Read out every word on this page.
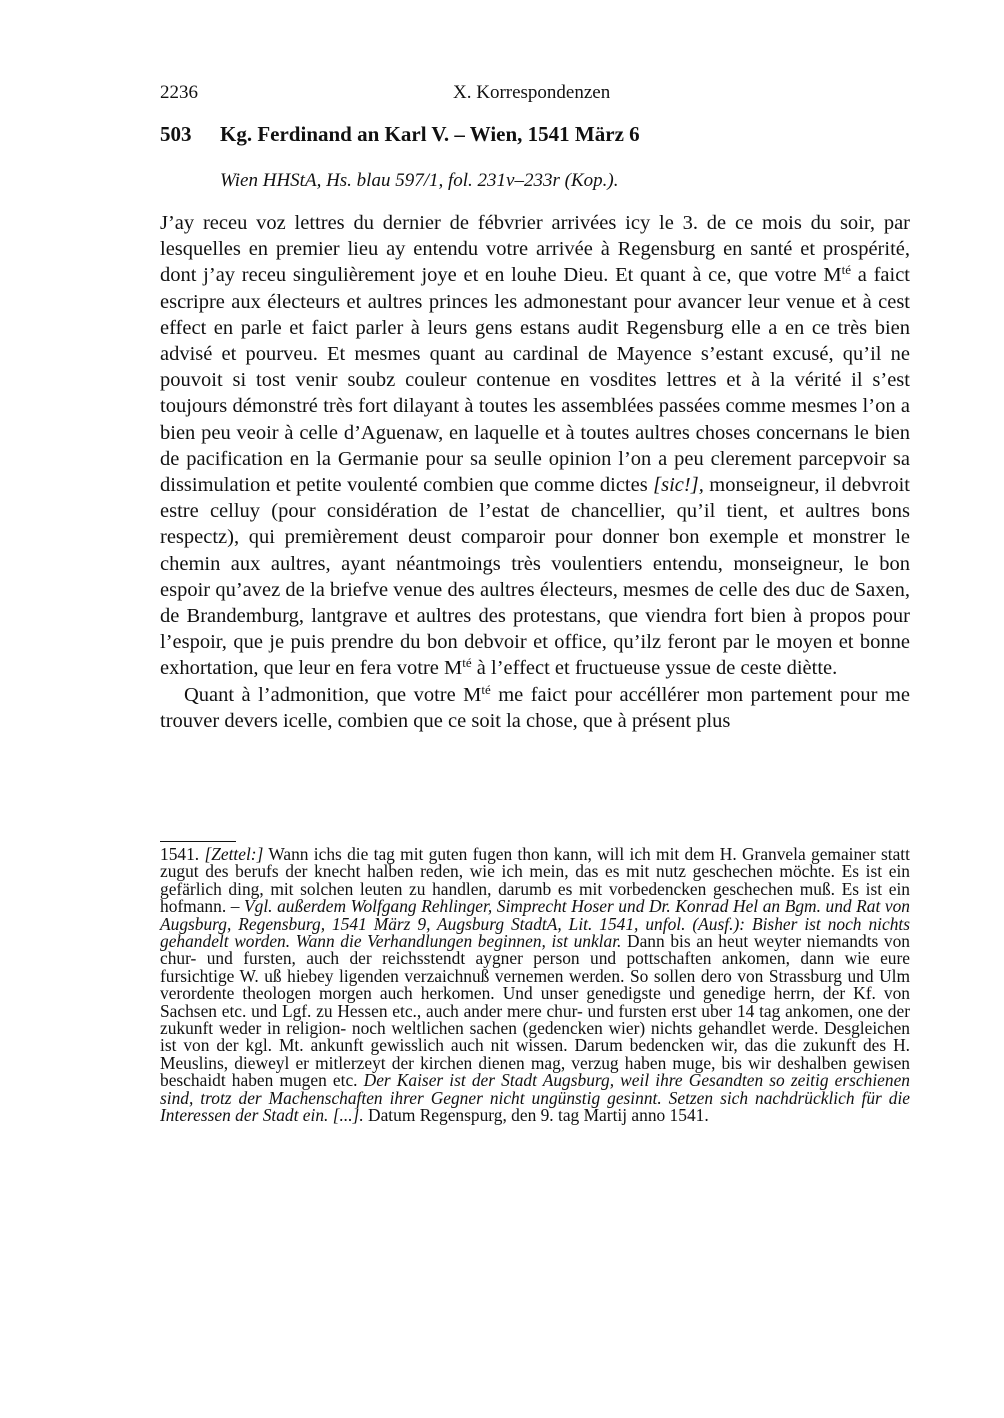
2236	X. Korrespondenzen
503 Kg. Ferdinand an Karl V. – Wien, 1541 März 6
Wien HHStA, Hs. blau 597/1, fol. 231v–233r (Kop.).

J’ay receu voz lettres du dernier de fébvrier arrivées icy le 3. de ce mois du soir, par lesquelles en premier lieu ay entendu votre arrivée à Regensburg en santé et prospérité, dont j’ay receu singulièrement joye et en louhe Dieu. Et quant à ce, que votre $M^{té}$ a faict escripre aux électeurs et aultres princes les admonestant pour avancer leur venue et à cest effect en parle et faict parler à leurs gens estans audit Regensburg elle a en ce très bien advisé et pourveu. Et mesmes quant au cardinal de Mayence s’estant excusé, qu’il ne pouvoit si tost venir soubz couleur contenue en vosdites lettres et à la vérité il s’est toujours démonstré très fort dilayant à toutes les assemblées passées comme mesmes l’on a bien peu veoir à celle d’Aguenaw, en laquelle et à toutes aultres choses concernans le bien de pacification en la Germanie pour sa seulle opinion l’on a peu clerement parcepvoir sa dissimulation et petite voulenté combien que comme dictes [sic!], monseigneur, il debvroit estre celluy (pour considération de l’estat de chancellier, qu’il tient, et aultres bons respectz), qui premièrement deust comparoir pour donner bon exemple et monstrer le chemin aux aultres, ayant néantmoings très voulentiers entendu, monseigneur, le bon espoir qu’avez de la briefve venue des aultres électeurs, mesmes de celle des duc de Saxen, de Brandemburg, lantgrave et aultres des protestans, que viendra fort bien à propos pour l’espoir, que je puis prendre du bon debvoir et office, qu’ilz feront par le moyen et bonne exhortation, que leur en fera votre $M^{té}$ à l’effect et fructueuse yssue de ceste diètte.

Quant à l’admonition, que votre $M^{té}$ me faict pour accéllérer mon partement pour me trouver devers icelle, combien que ce soit la chose, que à présent plus

1541. [Zettel:] Wann ichs die tag mit guten fugen thon kann, will ich mit dem H. Granvela gemainer statt zugut des berufs der knecht halben reden, wie ich mein, das es mit nutz geschechen möchte. Es ist ein gefärlich ding, mit solchen leuten zu handlen, darumb es mit vorbedencken geschechen muß. Es ist ein hofmann. – Vgl. außerdem Wolfgang Rehlinger, Simprecht Hoser und Dr. Konrad Hel an Bgm. und Rat von Augsburg, Regensburg, 1541 März 9, Augsburg StadtA, Lit. 1541, unfol. (Ausf.): Bisher ist noch nichts gehandelt worden. Wann die Verhandlungen beginnen, ist unklar. Dann bis an heut weyter niemandts von chur- und fursten, auch der reichsstendt aygner person und pottschaften ankomen, dann wie eure fursichtige W. uß hiebey ligenden verzaichnuß vernemen werden. So sollen dero von Strassburg und Ulm verordente theologen morgen auch herkomen. Und unser genedigste und genedige herrn, der Kf. von Sachsen etc. und Lgf. zu Hessen etc., auch ander mere chur- und fursten erst uber 14 tag ankomen, one der zukunft weder in religion- noch weltlichen sachen (gedencken wier) nichts gehandlet werde. Desgleichen ist von der kgl. Mt. ankunft gewisslich auch nit wissen. Darum bedencken wir, das die zukunft des H. Meuslins, dieweyl er mitlerzeyt der kirchen dienen mag, verzug haben muge, bis wir deshalben gewisen beschaidt haben mugen etc. Der Kaiser ist der Stadt Augsburg, weil ihre Gesandten so zeitig erschienen sind, trotz der Machenschaften ihrer Gegner nicht ungünstig gesinnt. Setzen sich nachdrücklich für die Interessen der Stadt ein. [...]. Datum Regenspurg, den 9. tag Martij anno 1541.
